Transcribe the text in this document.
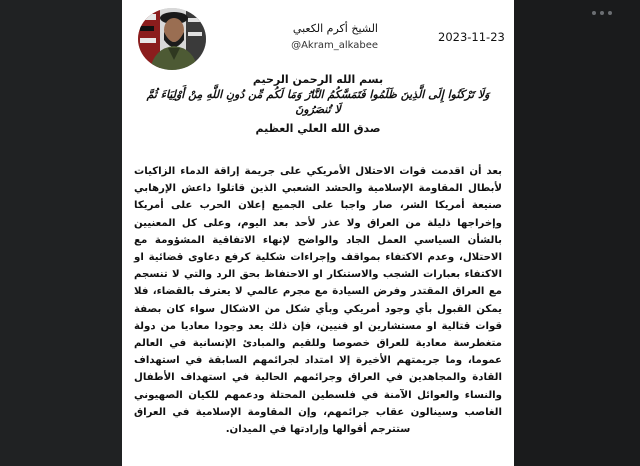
2023-11-23
الشيخ أكرم الكعبي
@Akram_alkabee
بسم الله الرحمن الرحيم
وَلَا تَرْكَنُوا إِلَى الَّذِينَ ظَلَمُوا فَتَمَسَّكُمُ النَّارُ وَمَا لَكُم مِّن دُونِ اللَّهِ مِنْ أَوْلِيَاءَ ثُمَّ لَا تُنصَرُونَ
صدق الله العلي العظيم
بعد أن اقدمت قوات الاحتلال الأمريكي على جريمة إراقة الدماء الزاكيات لأبطال المقاومة الإسلامية والحشد الشعبي الذين قاتلوا داعش الإرهابي صنيعة أمريكا الشر، صار واجبا على الجميع إعلان الحرب على أمريكا وإخراجها ذليلة من العراق ولا عذر لأحد بعد اليوم، وعلى كل المعنيين بالشأن السياسي العمل الجاد والواضح لإنهاء الاتفاقية المشؤومة مع الاحتلال، وعدم الاكتفاء بمواقف وإجراءات شكلية كرفع دعاوى قضائية او الاكتفاء بعبارات الشجب والاستنكار او الاحتفاظ بحق الرد والتي لا تنسجم مع العراق المقتدر وفرض السيادة مع مجرم عالمي لا يعترف بالقضاء، فلا يمكن القبول بأي وجود أمريكي وبأي شكل من الاشكال سواء كان بصفة قوات قتالية او مستشارين او فنيين، فإن ذلك يعد وجودا معاديا من دولة متغطرسة معادية للعراق خصوصا وللقيم والمبادئ الإنسانية في العالم عموما، وما جريمتهم الأخيرة إلا امتداد لجرائمهم السابقة في استهداف القادة والمجاهدين في العراق وجرائمهم الحالية في استهداف الأطفال والنساء والعوائل الآمنة في فلسطين المحتلة ودعمهم للكيان الصهيوني الغاصب وسينالون عقاب جرائمهم، وإن المقاومة الإسلامية في العراق ستترجم أقوالها وإرادتها في الميدان.
